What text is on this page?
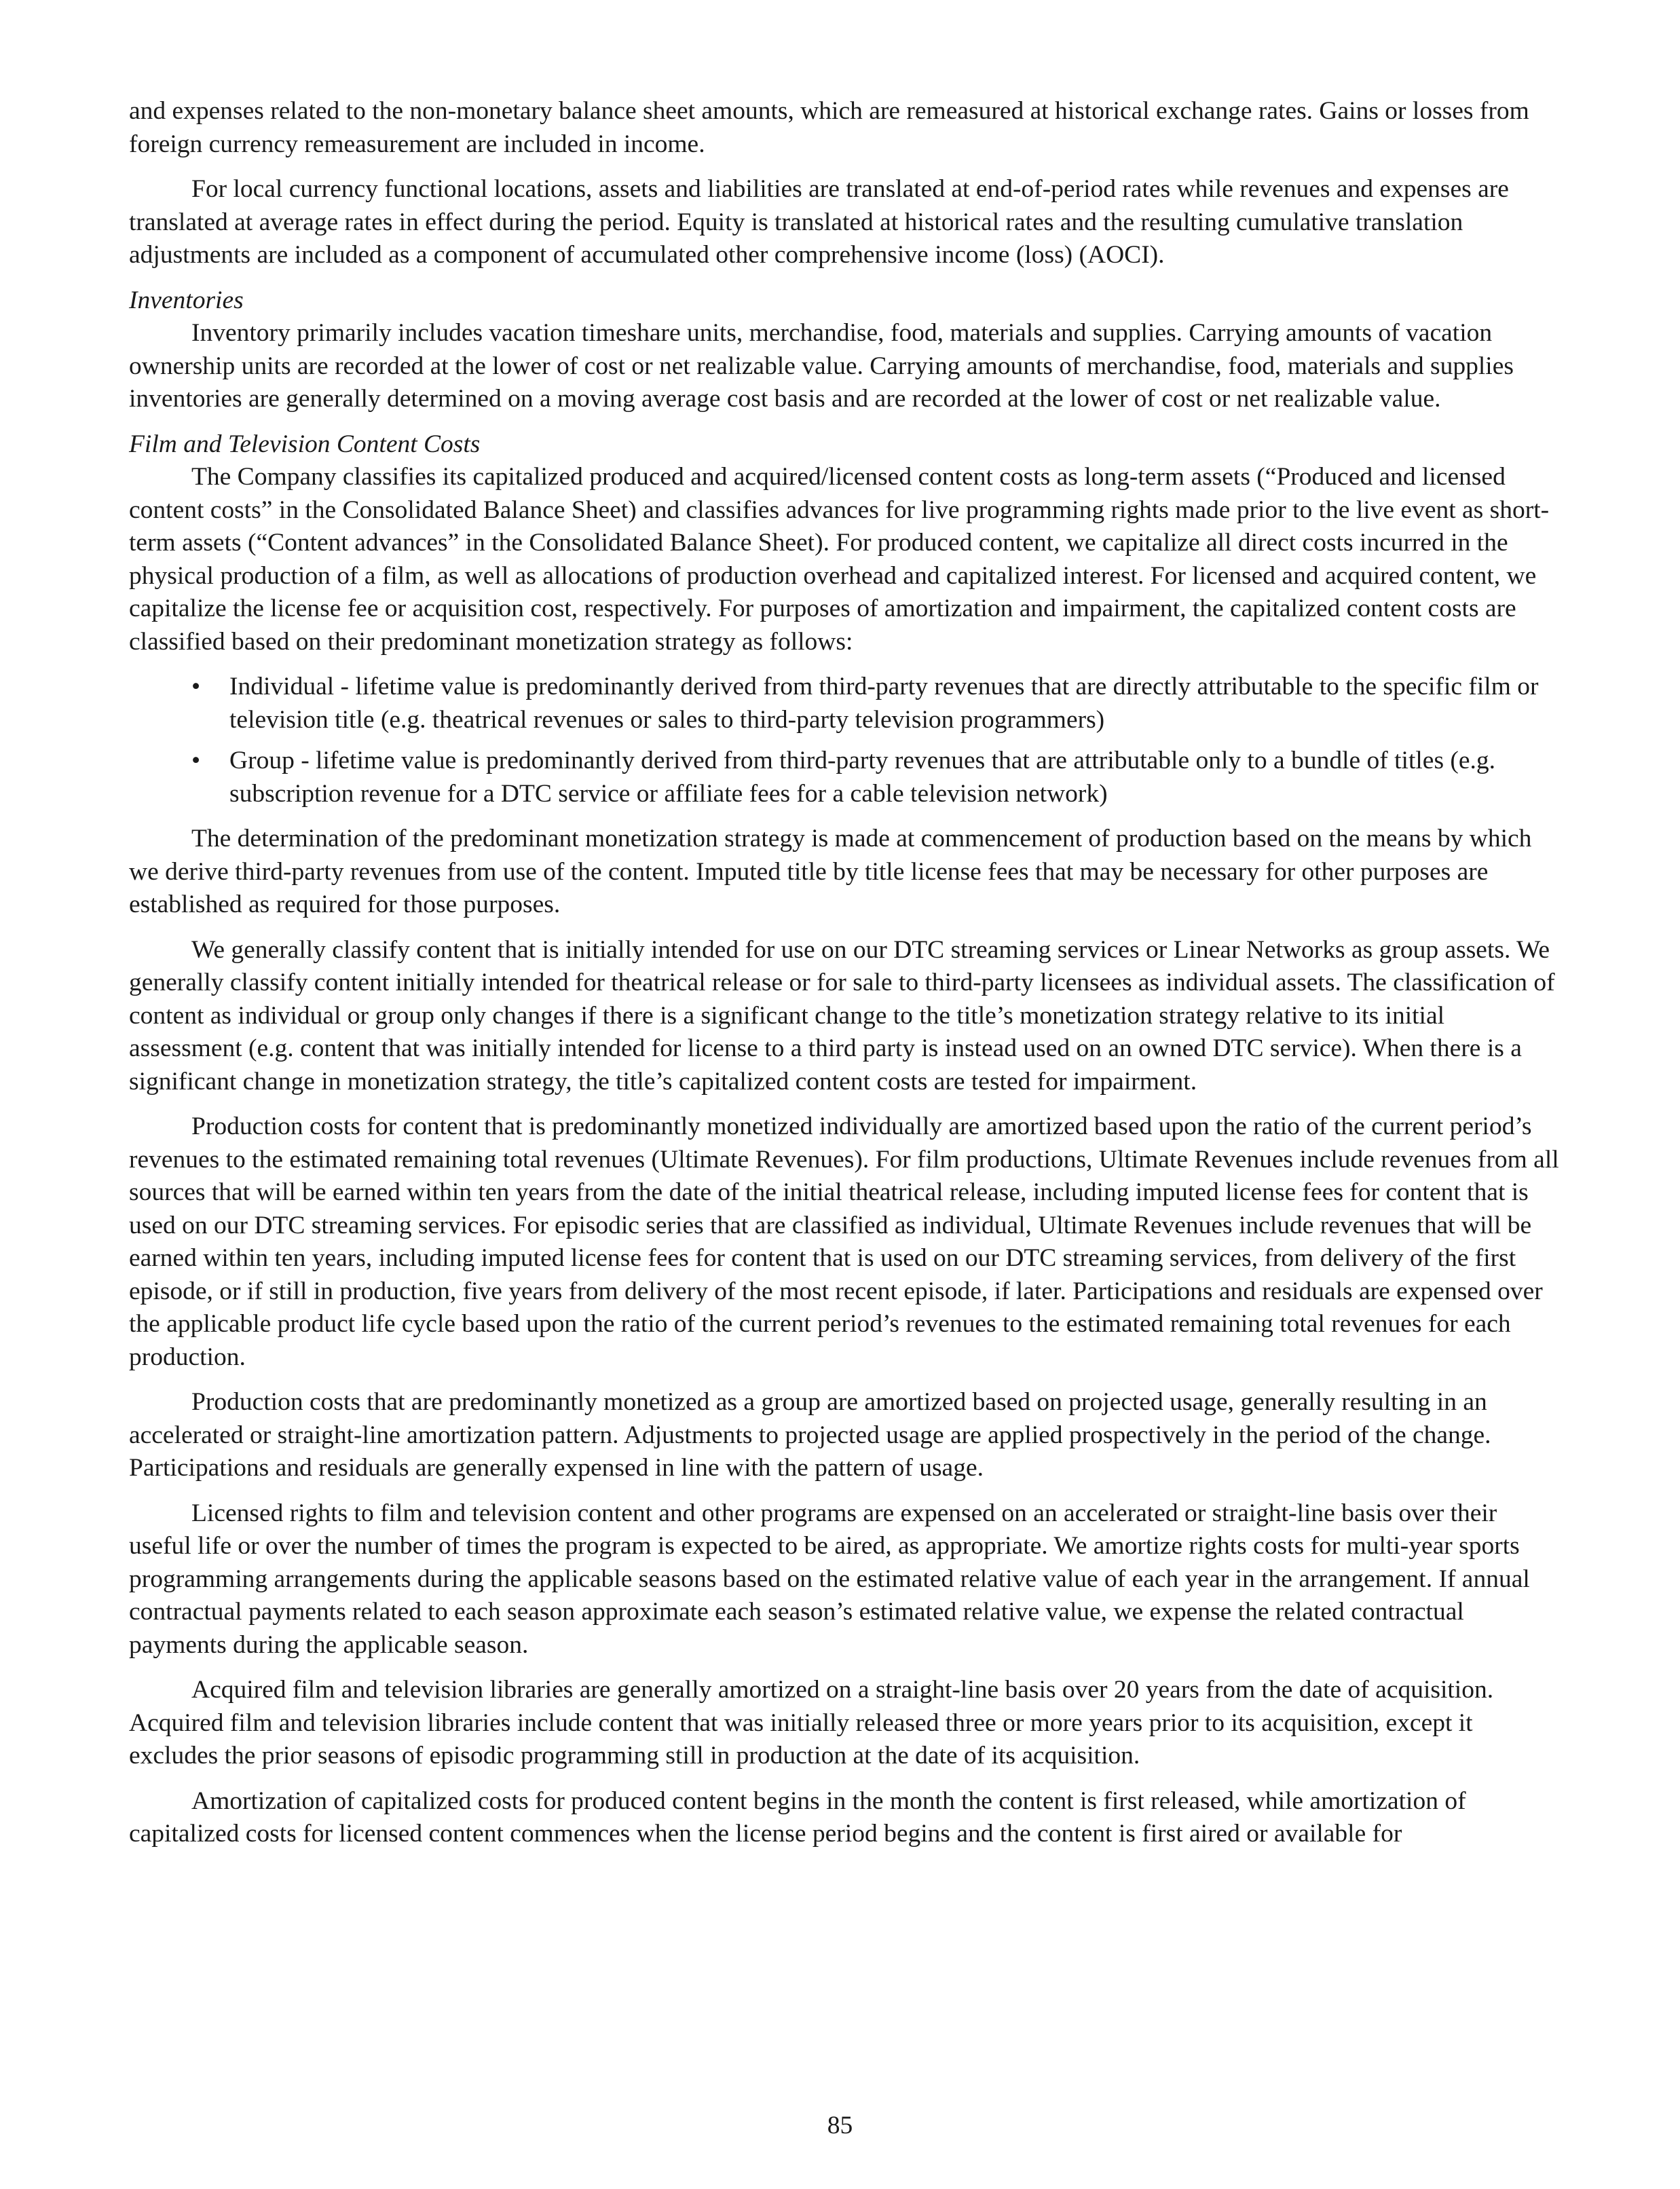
and expenses related to the non-monetary balance sheet amounts, which are remeasured at historical exchange rates. Gains or losses from foreign currency remeasurement are included in income.

For local currency functional locations, assets and liabilities are translated at end-of-period rates while revenues and expenses are translated at average rates in effect during the period. Equity is translated at historical rates and the resulting cumulative translation adjustments are included as a component of accumulated other comprehensive income (loss) (AOCI).

Inventories

Inventory primarily includes vacation timeshare units, merchandise, food, materials and supplies. Carrying amounts of vacation ownership units are recorded at the lower of cost or net realizable value. Carrying amounts of merchandise, food, materials and supplies inventories are generally determined on a moving average cost basis and are recorded at the lower of cost or net realizable value.

Film and Television Content Costs

The Company classifies its capitalized produced and acquired/licensed content costs as long-term assets (“Produced and licensed content costs” in the Consolidated Balance Sheet) and classifies advances for live programming rights made prior to the live event as short-term assets (“Content advances” in the Consolidated Balance Sheet). For produced content, we capitalize all direct costs incurred in the physical production of a film, as well as allocations of production overhead and capitalized interest. For licensed and acquired content, we capitalize the license fee or acquisition cost, respectively. For purposes of amortization and impairment, the capitalized content costs are classified based on their predominant monetization strategy as follows:

• Individual - lifetime value is predominantly derived from third-party revenues that are directly attributable to the specific film or television title (e.g. theatrical revenues or sales to third-party television programmers)
• Group - lifetime value is predominantly derived from third-party revenues that are attributable only to a bundle of titles (e.g. subscription revenue for a DTC service or affiliate fees for a cable television network)

The determination of the predominant monetization strategy is made at commencement of production based on the means by which we derive third-party revenues from use of the content. Imputed title by title license fees that may be necessary for other purposes are established as required for those purposes.

We generally classify content that is initially intended for use on our DTC streaming services or Linear Networks as group assets. We generally classify content initially intended for theatrical release or for sale to third-party licensees as individual assets. The classification of content as individual or group only changes if there is a significant change to the title’s monetization strategy relative to its initial assessment (e.g. content that was initially intended for license to a third party is instead used on an owned DTC service). When there is a significant change in monetization strategy, the title’s capitalized content costs are tested for impairment.

Production costs for content that is predominantly monetized individually are amortized based upon the ratio of the current period’s revenues to the estimated remaining total revenues (Ultimate Revenues). For film productions, Ultimate Revenues include revenues from all sources that will be earned within ten years from the date of the initial theatrical release, including imputed license fees for content that is used on our DTC streaming services. For episodic series that are classified as individual, Ultimate Revenues include revenues that will be earned within ten years, including imputed license fees for content that is used on our DTC streaming services, from delivery of the first episode, or if still in production, five years from delivery of the most recent episode, if later. Participations and residuals are expensed over the applicable product life cycle based upon the ratio of the current period’s revenues to the estimated remaining total revenues for each production.

Production costs that are predominantly monetized as a group are amortized based on projected usage, generally resulting in an accelerated or straight-line amortization pattern. Adjustments to projected usage are applied prospectively in the period of the change. Participations and residuals are generally expensed in line with the pattern of usage.

Licensed rights to film and television content and other programs are expensed on an accelerated or straight-line basis over their useful life or over the number of times the program is expected to be aired, as appropriate. We amortize rights costs for multi-year sports programming arrangements during the applicable seasons based on the estimated relative value of each year in the arrangement. If annual contractual payments related to each season approximate each season’s estimated relative value, we expense the related contractual payments during the applicable season.

Acquired film and television libraries are generally amortized on a straight-line basis over 20 years from the date of acquisition. Acquired film and television libraries include content that was initially released three or more years prior to its acquisition, except it excludes the prior seasons of episodic programming still in production at the date of its acquisition.

Amortization of capitalized costs for produced content begins in the month the content is first released, while amortization of capitalized costs for licensed content commences when the license period begins and the content is first aired or available for

85
